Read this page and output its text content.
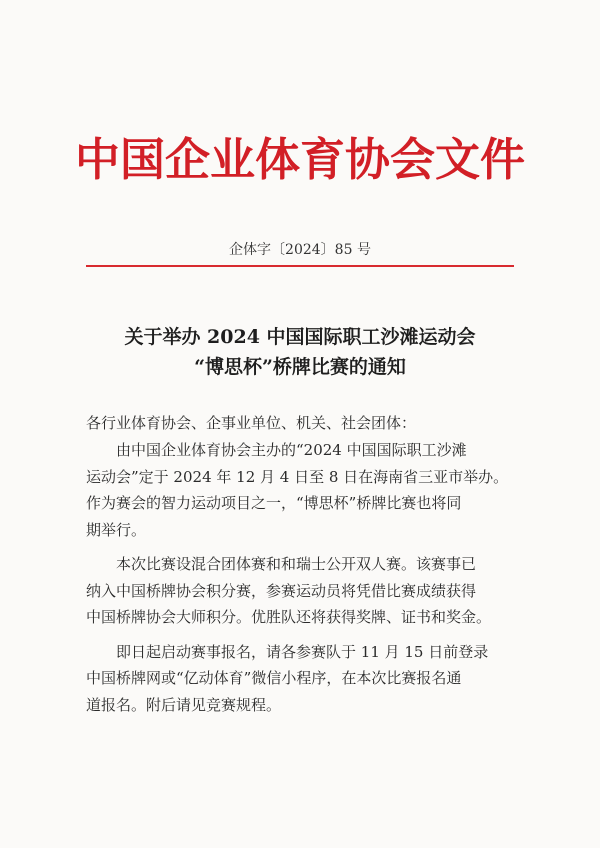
中国企业体育协会文件
企体字〔2024〕85 号
关于举办 2024 中国国际职工沙滩运动会
“博思杯”桥牌比赛的通知
各行业体育协会、企事业单位、机关、社会团体：
　　由中国企业体育协会主办的“2024 中国国际职工沙滩
运动会”定于 2024 年 12 月 4 日至 8 日在海南省三亚市举办。
作为赛会的智力运动项目之一，“博思杯”桥牌比赛也将同
期举行。
　　本次比赛设混合团体赛和和瑞士公开双人赛。该赛事已
纳入中国桥牌协会积分赛，参赛运动员将凭借比赛成绩获得
中国桥牌协会大师积分。优胜队还将获得奖牌、证书和奖金。
　　即日起启动赛事报名，请各参赛队于 11 月 15 日前登录
中国桥牌网或“亿动体育”微信小程序，在本次比赛报名通
道报名。附后请见竞赛规程。
